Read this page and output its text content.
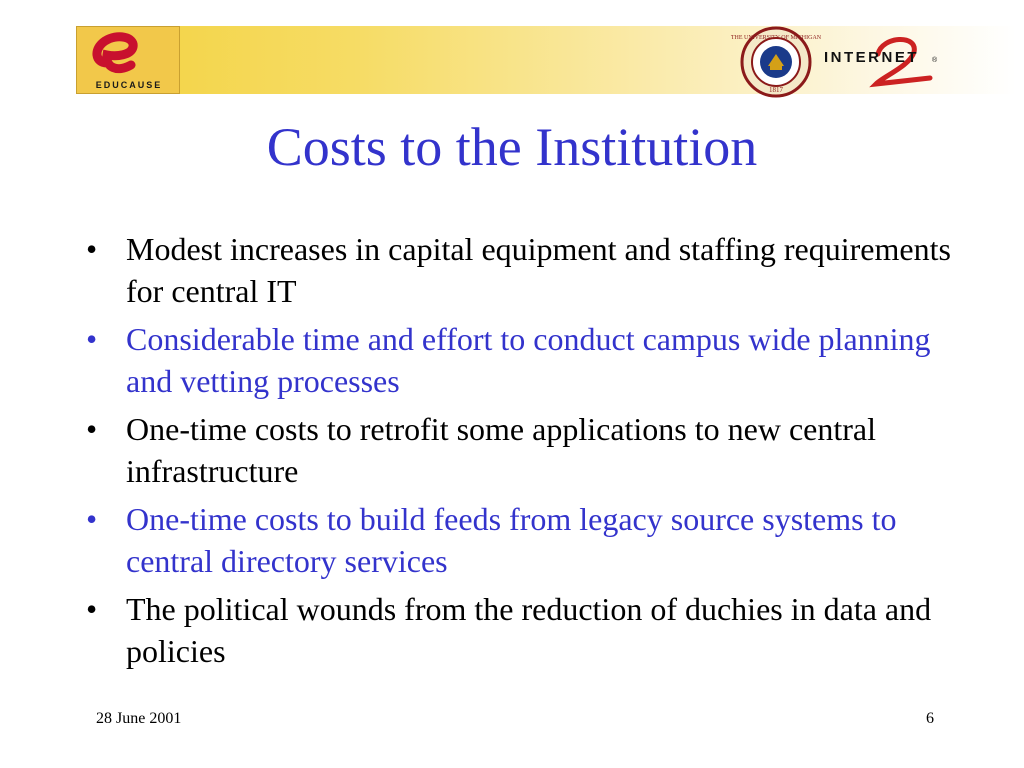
EDUCAUSE
THE UNIVERSITY OF MICHIGAN
1817
INTERNET ®
Costs to the Institution
• Modest increases in capital equipment and staffing requirements for central IT
• Considerable time and effort to conduct campus wide planning and vetting processes
• One-time costs to retrofit some applications to new central infrastructure
• One-time costs to build feeds from legacy source systems to central directory services
• The political wounds from the reduction of duchies in data and policies
28 June 2001	6
